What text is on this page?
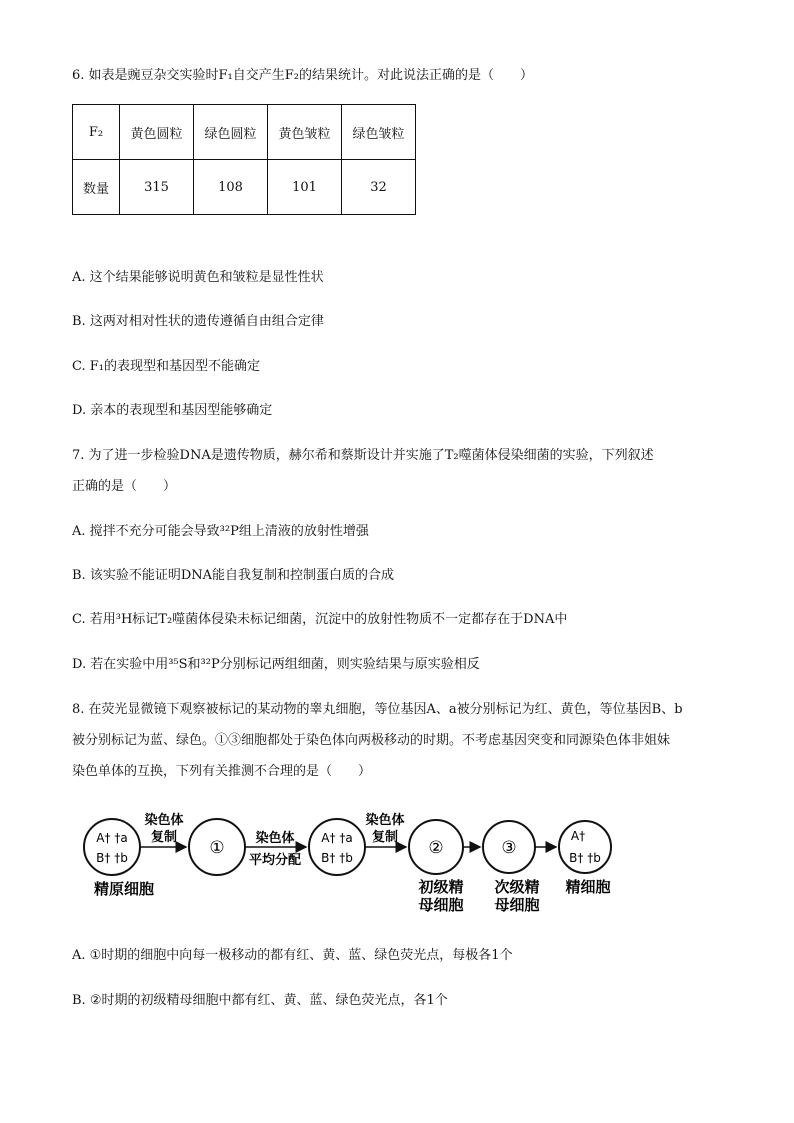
6. 如表是豌豆杂交实验时F₁自交产生F₂的结果统计。对此说法正确的是（　　）
F₂	黄色圆粒	绿色圆粒	黄色皱粒	绿色皱粒
数量	315	108	101	32
A. 这个结果能够说明黄色和皱粒是显性性状
B. 这两对相对性状的遗传遵循自由组合定律
C. F₁的表现型和基因型不能确定
D. 亲本的表现型和基因型能够确定
7. 为了进一步检验DNA是遗传物质，赫尔希和蔡斯设计并实施了T₂噬菌体侵染细菌的实验，下列叙述
正确的是（　　）
A. 搅拌不充分可能会导致³²P组上清液的放射性增强
B. 该实验不能证明DNA能自我复制和控制蛋白质的合成
C. 若用³H标记T₂噬菌体侵染未标记细菌，沉淀中的放射性物质不一定都存在于DNA中
D. 若在实验中用³⁵S和³²P分别标记两组细菌，则实验结果与原实验相反
8. 在荧光显微镜下观察被标记的某动物的睾丸细胞，等位基因A、a被分别标记为红、黄色，等位基因B、b
被分别标记为蓝、绿色。①③细胞都处于染色体向两极移动的时期。不考虑基因突变和同源染色体非姐妹
染色单体的互换，下列有关推测不合理的是（　　）
染色体
复制	染色体
平均分配
染色体
复制
A† †a
B† †b	①	A† †a
B† †b	②	③
A†
B† †b
精原细胞	初级精
母细胞
次级精
母细胞
精细胞
A. ①时期的细胞中向每一极移动的都有红、黄、蓝、绿色荧光点，每极各1个
B. ②时期的初级精母细胞中都有红、黄、蓝、绿色荧光点，各1个
